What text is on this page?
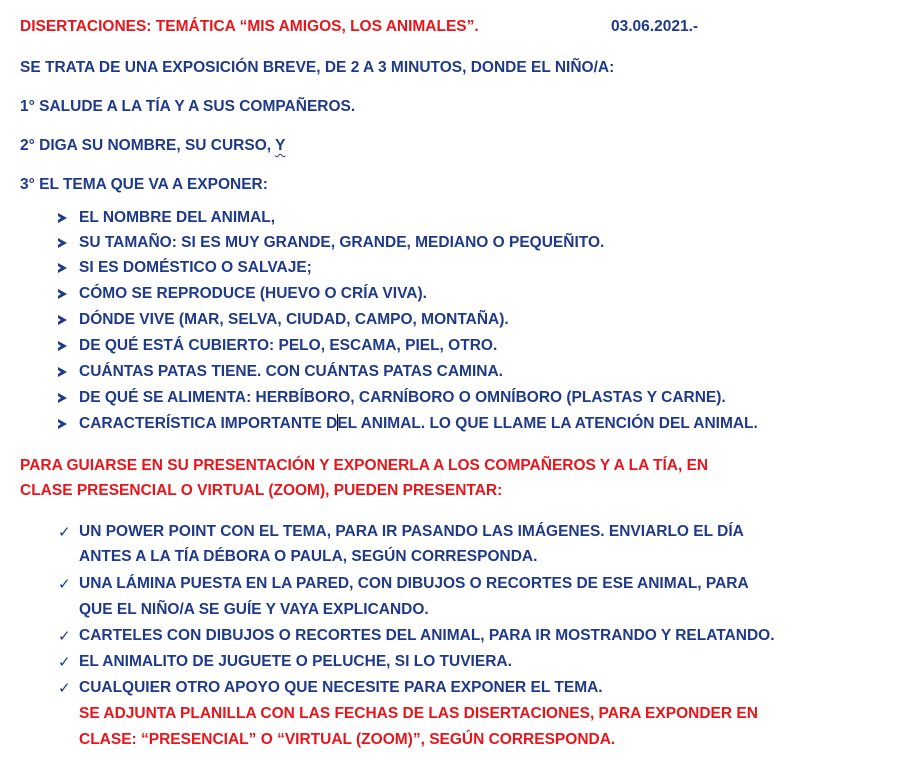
DISERTACIONES: TEMÁTICA “MIS AMIGOS, LOS ANIMALES”.	03.06.2021.-
SE TRATA DE UNA EXPOSICIÓN BREVE, DE 2 A 3 MINUTOS, DONDE EL NIÑO/A:
1° SALUDE A LA TÍA Y A SUS COMPAÑEROS.
2° DIGA SU NOMBRE, SU CURSO, Y
3° EL TEMA QUE VA A EXPONER:
EL NOMBRE DEL ANIMAL,
SU TAMAÑO: SI ES MUY GRANDE, GRANDE, MEDIANO O PEQUEÑITO.
SI ES DOMÉSTICO O SALVAJE;
CÓMO SE REPRODUCE (HUEVO O CRÍA VIVA).
DÓNDE VIVE (MAR, SELVA, CIUDAD, CAMPO, MONTAÑA).
DE QUÉ ESTÁ CUBIERTO: PELO, ESCAMA, PIEL, OTRO.
CUÁNTAS PATAS TIENE. CON CUÁNTAS PATAS CAMINA.
DE QUÉ SE ALIMENTA: HERBÍBORO, CARNÍBORO O OMNÍBORO (PLASTAS Y CARNE).
CARACTERÍSTICA IMPORTANTE DEL ANIMAL. LO QUE LLAME LA ATENCIÓN DEL ANIMAL.
PARA GUIARSE EN SU PRESENTACIÓN Y EXPONERLA A LOS COMPAÑEROS Y A LA TÍA, EN
CLASE PRESENCIAL O VIRTUAL (ZOOM), PUEDEN PRESENTAR:
✓ UN POWER POINT CON EL TEMA, PARA IR PASANDO LAS IMÁGENES. ENVIARLO EL DÍA
ANTES A LA TÍA DÉBORA O PAULA, SEGÚN CORRESPONDA.
✓ UNA LÁMINA PUESTA EN LA PARED, CON DIBUJOS O RECORTES DE ESE ANIMAL, PARA
QUE EL NIÑO/A SE GUÍE Y VAYA EXPLICANDO.
✓ CARTELES CON DIBUJOS O RECORTES DEL ANIMAL, PARA IR MOSTRANDO Y RELATANDO.
✓ EL ANIMALITO DE JUGUETE O PELUCHE, SI LO TUVIERA.
✓ CUALQUIER OTRO APOYO QUE NECESITE PARA EXPONER EL TEMA.
SE ADJUNTA PLANILLA CON LAS FECHAS DE LAS DISERTACIONES, PARA EXPONDER EN
CLASE: “PRESENCIAL” O “VIRTUAL (ZOOM)”, SEGÚN CORRESPONDA.
